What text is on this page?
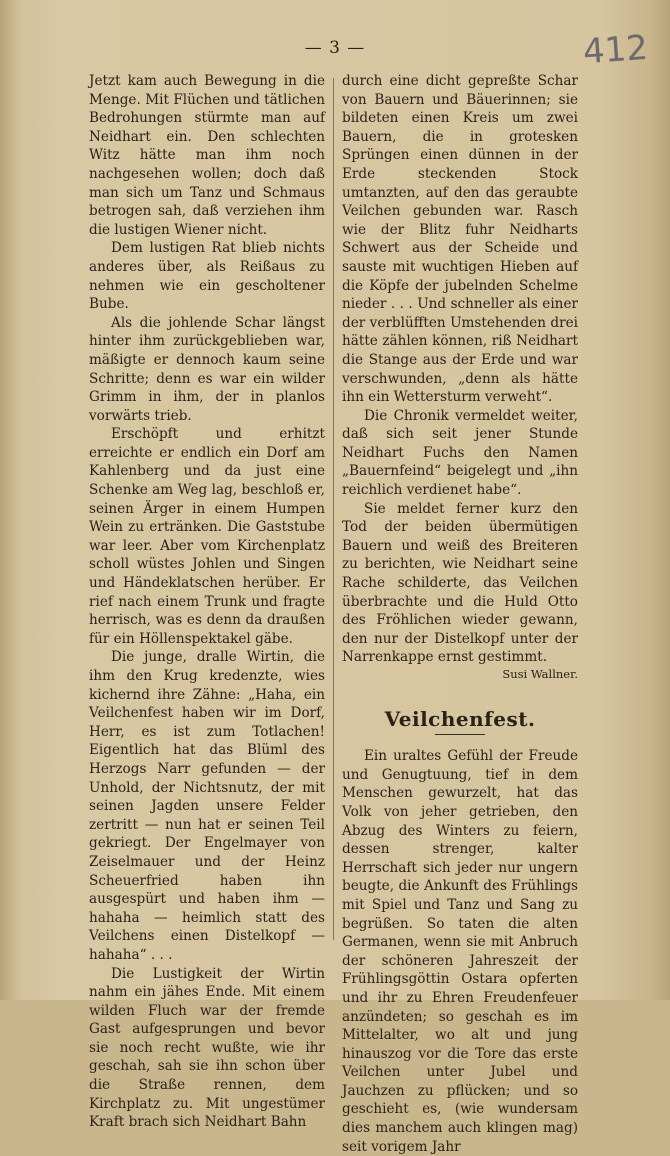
— 3 —	412

Jetzt kam auch Bewegung in die Menge. Mit Flüchen und tätlichen Bedrohungen stürmte man auf Neidhart ein. Den schlechten Witz hätte man ihm noch nachgesehen wollen; doch daß man sich um Tanz und Schmaus betrogen sah, daß verziehen ihm die lustigen Wiener nicht.

Dem lustigen Rat blieb nichts anderes über, als Reißaus zu nehmen wie ein gescholtener Bube.

Als die johlende Schar längst hinter ihm zurückgeblieben war, mäßigte er dennoch kaum seine Schritte; denn es war ein wilder Grimm in ihm, der in planlos vorwärts trieb.

Erschöpft und erhitzt erreichte er endlich ein Dorf am Kahlenberg und da just eine Schenke am Weg lag, beschloß er, seinen Ärger in einem Humpen Wein zu ertränken. Die Gaststube war leer. Aber vom Kirchenplatz scholl wüstes Johlen und Singen und Händeklatschen herüber. Er rief nach einem Trunk und fragte herrisch, was es denn da draußen für ein Höllenspektakel gäbe.

Die junge, dralle Wirtin, die ihm den Krug kredenzte, wies kichernd ihre Zähne: „Haha, ein Veilchenfest haben wir im Dorf, Herr, es ist zum Totlachen! Eigentlich hat das Blüml des Herzogs Narr gefunden — der Unhold, der Nichtsnutz, der mit seinen Jagden unsere Felder zertritt — nun hat er seinen Teil gekriegt. Der Engelmayer von Zeiselmauer und der Heinz Scheuerfried haben ihn ausgespürt und haben ihm — hahaha — heimlich statt des Veilchens einen Distelkopf — hahaha“ . . .

Die Lustigkeit der Wirtin nahm ein jähes Ende. Mit einem wilden Fluch war der fremde Gast aufgesprungen und bevor sie noch recht wußte, wie ihr geschah, sah sie ihn schon über die Straße rennen, dem Kirchplatz zu. Mit ungestümer Kraft brach sich Neidhart Bahn

durch eine dicht gepreßte Schar von Bauern und Bäuerinnen; sie bildeten einen Kreis um zwei Bauern, die in grotesken Sprüngen einen dünnen in der Erde steckenden Stock umtanzten, auf den das geraubte Veilchen gebunden war. Rasch wie der Blitz fuhr Neidharts Schwert aus der Scheide und sauste mit wuchtigen Hieben auf die Köpfe der jubelnden Schelme nieder . . . Und schneller als einer der verblüfften Umstehenden drei hätte zählen können, riß Neidhart die Stange aus der Erde und war verschwunden, „denn als hätte ihn ein Wettersturm verweht“.

Die Chronik vermeldet weiter, daß sich seit jener Stunde Neidhart Fuchs den Namen „Bauernfeind“ beigelegt und „ihn reichlich verdienet habe“.

Sie meldet ferner kurz den Tod der beiden übermütigen Bauern und weiß des Breiteren zu berichten, wie Neidhart seine Rache schilderte, das Veilchen überbrachte und die Huld Otto des Fröhlichen wieder gewann, den nur der Distelkopf unter der Narrenkappe ernst gestimmt.

Susi Wallner.
Veilchenfest.

Ein uraltes Gefühl der Freude und Genugtuung, tief in dem Menschen gewurzelt, hat das Volk von jeher getrieben, den Abzug des Winters zu feiern, dessen strenger, kalter Herrschaft sich jeder nur ungern beugte, die Ankunft des Frühlings mit Spiel und Tanz und Sang zu begrüßen. So taten die alten Germanen, wenn sie mit Anbruch der schöneren Jahreszeit der Frühlingsgöttin Ostara opferten und ihr zu Ehren Freudenfeuer anzündeten; so geschah es im Mittelalter, wo alt und jung hinauszog vor die Tore das erste Veilchen unter Jubel und Jauchzen zu pflücken; und so geschieht es, (wie wundersam dies manchem auch klingen mag) seit vorigem Jahr
